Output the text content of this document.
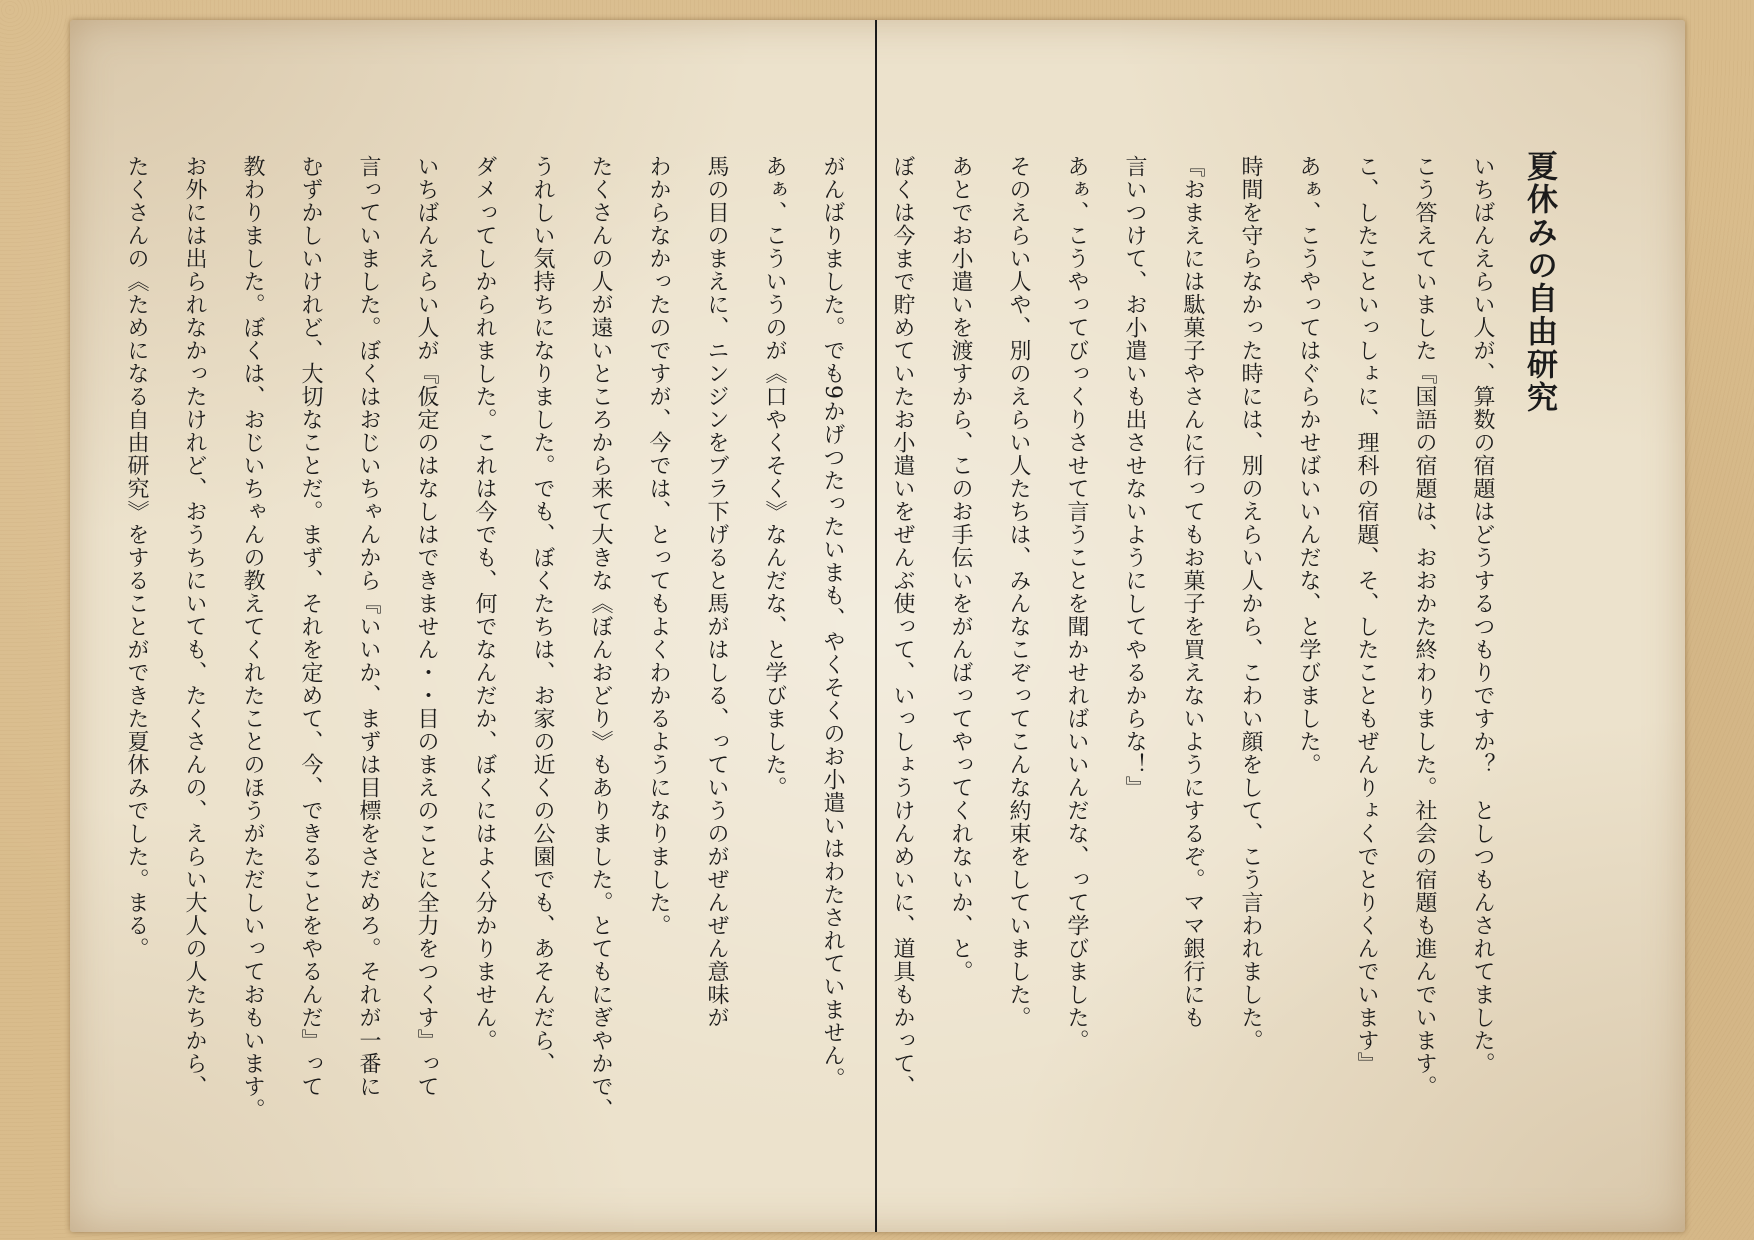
夏休みの自由研究

いちばんえらい人が、算数の宿題はどうするつもりですか？　としつもんされてました。

こう答えていました『国語の宿題は、おおかた終わりました。社会の宿題も進んでいます。

こ、したこといっしょに、理科の宿題、そ、したこともぜんりょくでとりくんでいます』

あぁ、こうやってはぐらかせばいいんだな、と学びました。

時間を守らなかった時には、別のえらい人から、こわい顔をして、こう言われました。

『おまえには駄菓子やさんに行ってもお菓子を買えないようにするぞ。ママ銀行にも

言いつけて、お小遣いも出させないようにしてやるからな！』

あぁ、こうやってびっくりさせて言うことを聞かせればいいんだな、って学びました。

そのえらい人や、別のえらい人たちは、みんなこぞってこんな約束をしていました。

あとでお小遣いを渡すから、このお手伝いをがんばってやってくれないか、と。

ぼくは今まで貯めていたお小遣いをぜんぶ使って、いっしょうけんめいに、道具もかって、

がんばりました。でも9かげつたったいまも、やくそくのお小遣いはわたされていません。

あぁ、こういうのが《口やくそく》なんだな、と学びました。

馬の目のまえに、ニンジンをブラ下げると馬がはしる、っていうのがぜんぜん意味が

わからなかったのですが、今では、とってもよくわかるようになりました。

たくさんの人が遠いところから来て大きな《ぼんおどり》もありました。とてもにぎやかで、

うれしい気持ちになりました。でも、ぼくたちは、お家の近くの公園でも、あそんだら、

ダメってしかられました。これは今でも、何でなんだか、ぼくにはよく分かりません。

いちばんえらい人が『仮定のはなしはできません・・目のまえのことに全力をつくす』って

言っていました。ぼくはおじいちゃんから『いいか、まずは目標をさだめろ。それが一番に

むずかしいけれど、大切なことだ。まず、それを定めて、今、できることをやるんだ』って

教わりました。ぼくは、おじいちゃんの教えてくれたことのほうがただしいっておもいます。

お外には出られなかったけれど、おうちにいても、たくさんの、えらい大人の人たちから、

たくさんの《ためになる自由研究》をすることができた夏休みでした。まる。
